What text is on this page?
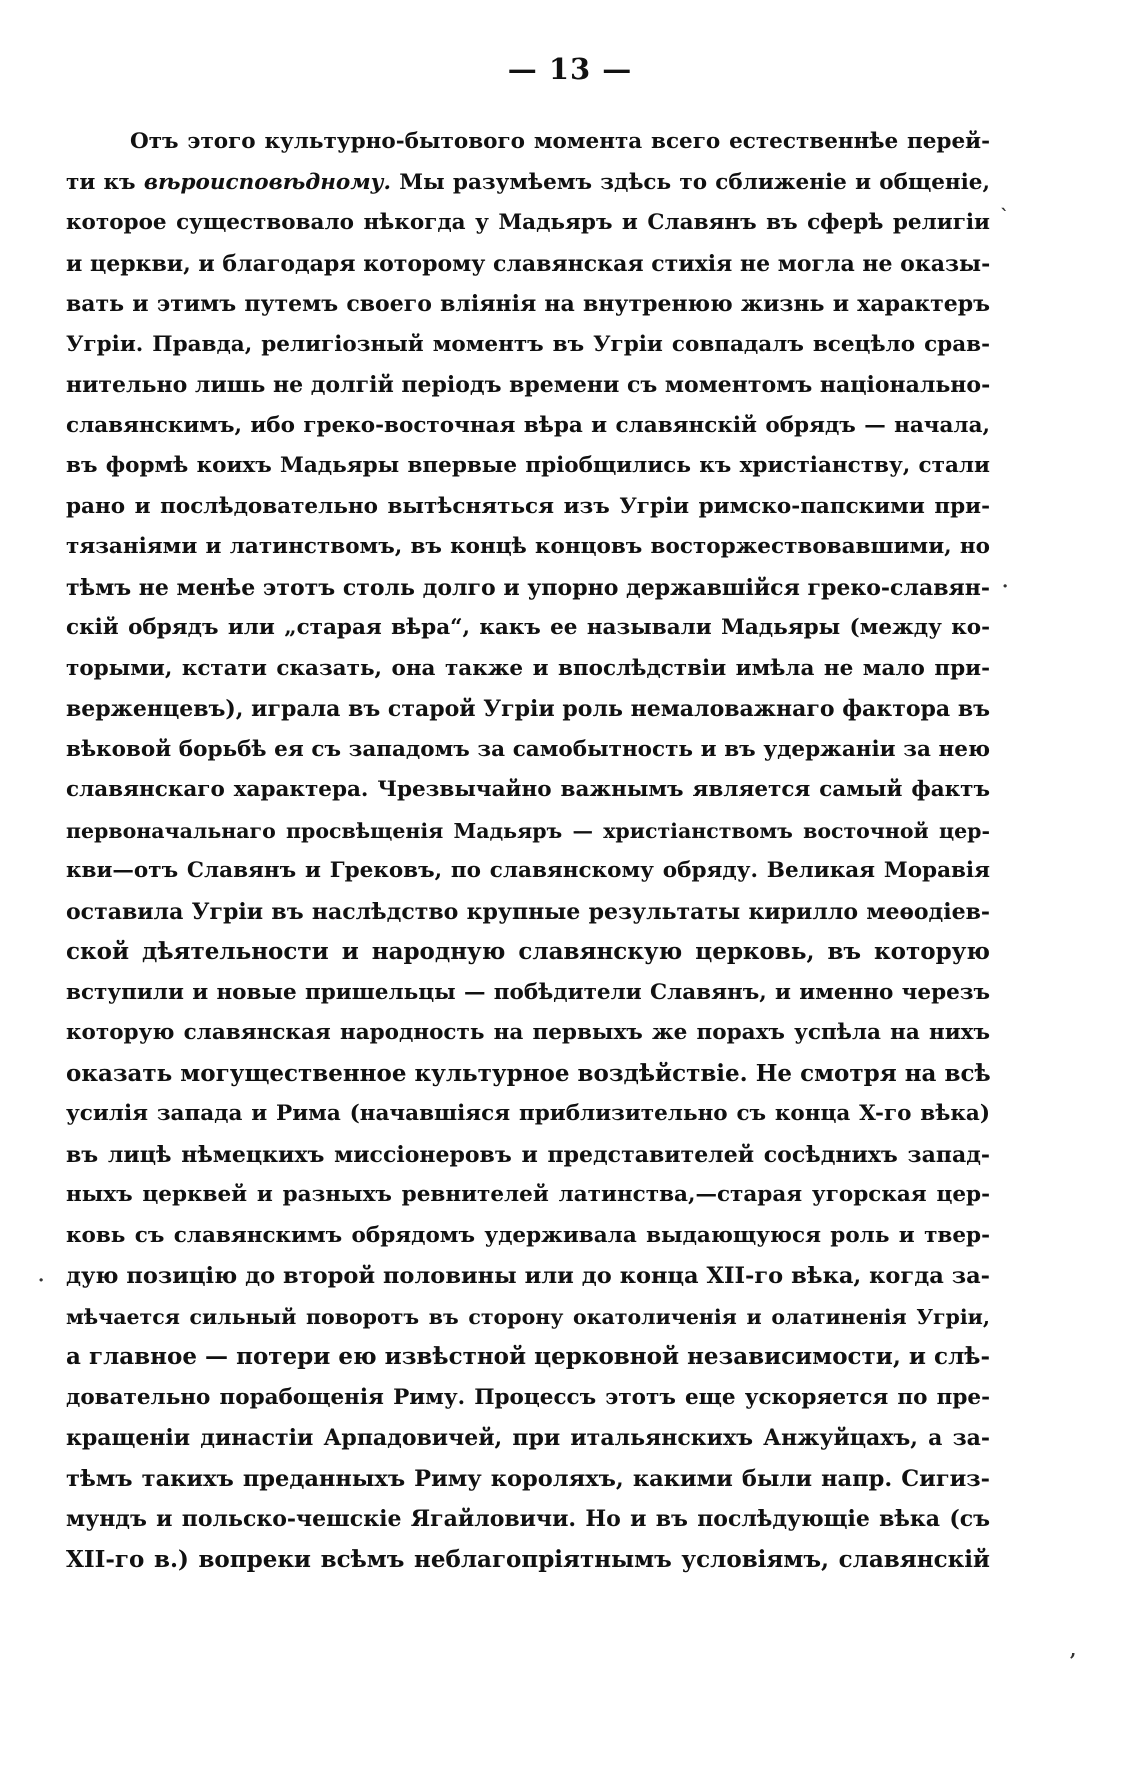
— 13 —
Отъ этого культурно-бытового момента всего естественнѣе перей-
ти къ вѣроисповѣдному. Мы разумѣемъ здѣсь то сближеніе и общеніе,
которое существовало нѣкогда у Мадьяръ и Славянъ въ сферѣ религіи
и церкви, и благодаря которому славянская стихія не могла не оказы-
вать и этимъ путемъ своего вліянія на внутренюю жизнь и характеръ
Угріи. Правда, религіозный моментъ въ Угріи совпадалъ всецѣло срав-
нительно лишь не долгій періодъ времени съ моментомъ національно-
славянскимъ, ибо греко-восточная вѣра и славянскій обрядъ — начала,
въ формѣ коихъ Мадьяры впервые пріобщились къ христіанству, стали
рано и послѣдовательно вытѣсняться изъ Угріи римско-папскими при-
тязаніями и латинствомъ, въ концѣ концовъ восторжествовавшими, но
тѣмъ не менѣе этотъ столь долго и упорно державшійся греко-славян-
скій обрядъ или „старая вѣра“, какъ ее называли Мадьяры (между ко-
торыми, кстати сказать, она также и впослѣдствіи имѣла не мало при-
верженцевъ), играла въ старой Угріи роль немаловажнаго фактора въ
вѣковой борьбѣ ея съ западомъ за самобытность и въ удержаніи за нею
славянскаго характера. Чрезвычайно важнымъ является самый фактъ
первоначальнаго просвѣщенія Мадьяръ — христіанствомъ восточной цер-
кви—отъ Славянъ и Грековъ, по славянскому обряду. Великая Моравія
оставила Угріи въ наслѣдство крупные результаты кирилло меѳодіев-
ской дѣятельности и народную славянскую церковь, въ которую
вступили и новые пришельцы — побѣдители Славянъ, и именно черезъ
которую славянская народность на первыхъ же порахъ успѣла на нихъ
оказать могущественное культурное воздѣйствіе. Не смотря на всѣ
усилія запада и Рима (начавшіяся приблизительно съ конца X-го вѣка)
въ лицѣ нѣмецкихъ миссіонеровъ и представителей сосѣднихъ запад-
ныхъ церквей и разныхъ ревнителей латинства,—старая угорская цер-
ковь съ славянскимъ обрядомъ удерживала выдающуюся роль и твер-
дую позицію до второй половины или до конца XII-го вѣка, когда за-
мѣчается сильный поворотъ въ сторону окатоличенія и олатиненія Угріи,
а главное — потери ею извѣстной церковной независимости, и слѣ-
довательно порабощенія Риму. Процессъ этотъ еще ускоряется по пре-
кращеніи династіи Арпадовичей, при итальянскихъ Анжуйцахъ, а за-
тѣмъ такихъ преданныхъ Риму короляхъ, какими были напр. Сигиз-
мундъ и польско-чешскіе Ягайловичи. Но и въ послѣдующіе вѣка (съ
XII-го в.) вопреки всѣмъ неблагопріятнымъ условіямъ, славянскій
`
·
·
,
